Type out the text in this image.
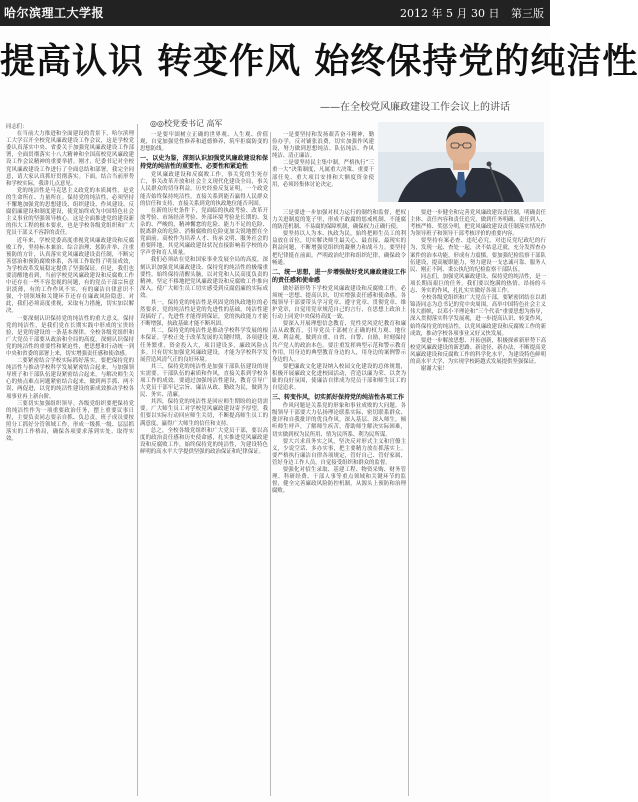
哈尔滨理工大学报	2012 年 5 月 30 日 第三版
提高认识 转变作风 始终保持党的纯洁性
——在全校党风廉政建设工作会议上的讲话
◎◎校党委书记 高军

同志们：

在当前大力推进和全面建设的背景下，哈尔滨理工大学召开全校党风廉政建设工作会议，这是学校党委认真落实中央、省委关于加强党风廉政建设工作部署，全面贯彻落实十八大精神和全国高校党风廉政建设工作会议精神的重要举措。刚才，纪委书记对全校党风廉政建设工作进行了全面总结和部署，我完全同意，请大家认真抓好贯彻落实。下面，结合当前形势和学校实际，我讲几点意见。

党的纯洁性是马克思主义政党的本质属性，是党的生命所在、力量所在。保持党的纯洁性，必须坚持不懈地加强党的思想建设、组织建设、作风建设、反腐倡廉建设和制度建设，使党始终成为中国特色社会主义事业的坚强领导核心。这是全面推进党的建设新的伟大工程的根本要求，也是学校各级党组织和广大党员干部义不容辞的责任。

近年来，学校党委高度重视党风廉政建设和反腐败工作，坚持标本兼治、综合治理、惩防并举、注重预防的方针，认真落实党风廉政建设责任制，不断完善惩治和预防腐败体系，各项工作取得了明显成效，为学校改革发展稳定提供了坚强保证。但是，我们也要清醒地看到，当前学校党风廉政建设和反腐败工作中还存在一些不容忽视的问题，有的党员干部宗旨意识淡薄，有的工作作风不实，有的廉洁自律意识不强，个别领域和关键环节还存在廉政风险隐患。对此，我们必须高度重视，采取有力措施，切实加以解决。

一要深刻认识保持党的纯洁性的重大意义。保持党的纯洁性，是我们党在长期实践中形成的宝贵经验，是党的建设的一条基本规律。全校各级党组织和广大党员干部要从政治和全局的高度，深刻认识保持党的纯洁性的重要性和紧迫性，把思想和行动统一到中央和省委的部署上来，切实增强责任感和使命感。

二要紧密结合学校实际抓好落实。要把保持党的纯洁性与推动学校科学发展紧密结合起来，与加强领导班子和干部队伍建设紧密结合起来，与解决师生关心的热点难点问题紧密结合起来，做到两手抓、两不误、两促进，以党的纯洁性建设的新成效推动学校各项事业再上新台阶。

三要切实加强组织领导。各级党组织要把保持党的纯洁性作为一项重要政治任务，摆上重要议事日程，主要负责同志要亲自抓、负总责，班子成员要按照分工抓好分管领域工作，形成一级抓一级、层层抓落实的工作格局，确保各项要求落到实处、取得实效。

一是要牢固树立正确的世界观、人生观、价值观，自觉加强党性修养和道德修养，筑牢拒腐防变的思想防线。

一、以史为鉴，深刻认识加强党风廉政建设和保持党的纯洁性的重要性、必要性和紧迫性

党风廉政建设和反腐败工作，事关党的生死存亡，事关改革开放和社会主义现代化建设全局，事关人民群众的切身利益。历史经验反复证明，一个政党能否始终保持纯洁性，直接关系到能否赢得人民群众的信任和支持，直接关系到党的执政地位能否巩固。

在新的历史条件下，党面临的执政考验、改革开放考验、市场经济考验、外部环境考验是长期的、复杂的、严峻的，精神懈怠的危险、能力不足的危险、脱离群众的危险、消极腐败的危险更加尖锐地摆在全党面前。高校作为培养人才、传承文明、服务社会的重要阵地，其党风廉政建设状况直接影响着学校的办学声誉和育人质量。

我们必须站在党和国家事业发展全局的高度，深刻认识加强党风廉政建设、保持党的纯洁性的极端重要性，始终保持清醒头脑，以对党和人民高度负责的精神，坚定不移地把党风廉政建设和反腐败工作推向深入，使广大师生员工切实感受到反腐倡廉的实际成效。

其一，保持党的纯洁性是巩固党的执政地位的必然要求。党的纯洁性是党的先进性的基础，纯洁性建设搞好了，先进性才能得到保证，党的执政能力才能不断增强，执政基础才能不断巩固。

其二，保持党的纯洁性是推动学校科学发展的根本保证。学校正处于改革发展的关键时期，各项建设任务繁重，资金投入大，项目建设多，廉政风险点多。只有切实加强党风廉政建设，才能为学校科学发展营造风清气正的良好环境。

其三，保持党的纯洁性是加强干部队伍建设的现实需要。干部队伍的素质和作风，直接关系到学校各项工作的成效。要通过加强纯洁性建设，教育引导广大党员干部牢记宗旨、廉洁从政、勤政为民，做到为民、务实、清廉。

其四，保持党的纯洁性是回应师生期盼的迫切需要。广大师生员工对学校党风廉政建设寄予厚望，我们要以实际行动回应师生关切，不断提高师生员工的满意度，赢得广大师生的信任和支持。

总之，全校各级党组织和广大党员干部，要以高度的政治责任感和历史使命感，扎实推进党风廉政建设和反腐败工作，始终保持党的纯洁性，为建设特色鲜明的高水平大学提供坚强的政治保证和纪律保证。

一是要坚持和发扬艰苦奋斗精神，勤俭办学，反对铺张浪费，切实加强作风建设，努力做到思想纯洁、队伍纯洁、作风纯洁、清正廉洁。

二是要坚持民主集中制，严格执行“三重一大”决策制度，凡属重大决策、重要干部任免、重大项目安排和大额度资金使用，必须经集体讨论决定。

三是要进一步加强对权力运行的制约和监督，把权力关进制度的笼子里，形成不敢腐的惩戒机制、不能腐的防范机制、不易腐的保障机制，确保权力正确行使。

要坚持以人为本、执政为民，始终把师生员工的利益放在首位，切实解决师生最关心、最直接、最现实的利益问题，不断增强党组织的凝聚力和战斗力。要坚持把纪律挺在前面，严明政治纪律和组织纪律，确保政令畅通。

二、统一思想，进一步增强做好党风廉政建设工作的责任感和使命感

做好新形势下学校党风廉政建设和反腐败工作，必须统一思想、提高认识，切实增强责任感和使命感。各级领导干部要带头学习党章、遵守党章、贯彻党章、维护党章，自觉用党章规范自己的言行，在思想上政治上行动上同党中央保持高度一致。

要深入开展理想信念教育、党性党风党纪教育和廉洁从政教育，引导党员干部树立正确的权力观、地位观、利益观，做到自重、自省、自警、自励，时刻保持共产党人的政治本色。要注重发挥典型示范和警示教育作用，用身边的典型教育身边的人，用身边的案例警示身边的人。

要把廉政文化建设纳入校园文化建设的总体规划，积极开展廉政文化进校园活动，营造以廉为荣、以贪为耻的良好氛围，使廉洁自律成为党员干部和师生员工的自觉追求。

三、转变作风，切实抓好保持党的纯洁性各项工作

作风问题是关系党的形象和事业成败的大问题。各级领导干部要大力弘扬理论联系实际、密切联系群众、批评和自我批评的优良作风，深入基层、深入师生，倾听师生呼声，了解师生疾苦，帮助师生解决实际困难，切实做到权为民所用、情为民所系、利为民所谋。

要大兴求真务实之风，坚决反对形式主义和官僚主义，少说空话、多办实事，把主要精力放在抓落实上。要严格执行廉洁自律各项规定，管好自己、管好家属、管好身边工作人员，自觉接受组织和群众的监督。

要强化对招生录取、基建工程、物资采购、财务管理、科研经费、干部人事等重点领域和关键环节的监督，健全完善廉政风险防控机制，从源头上预防和治理腐败。

要进一步健全和完善党风廉政建设责任制，明确责任主体、责任内容和责任追究，做到任务明确、责任到人、考核严格、奖惩分明，把党风廉政建设责任制落实情况作为领导班子和领导干部考核评价的重要内容。

要坚持有案必查、违纪必究，对违反党纪政纪的行为，发现一起、查处一起，决不姑息迁就，充分发挥查办案件的治本功能，形成有力震慑。要加强纪检监察干部队伍建设，提高履职能力，努力建设一支忠诚可靠、服务人民、刚正不阿、秉公执纪的纪检监察干部队伍。

同志们，加强党风廉政建设、保持党的纯洁性，是一项长期而艰巨的任务。我们要以饱满的热情、昂扬的斗志、务实的作风，扎扎实实做好各项工作。

全校各级党组织和广大党员干部，要紧密团结在以胡锦涛同志为总书记的党中央周围，高举中国特色社会主义伟大旗帜，以邓小平理论和“三个代表”重要思想为指导，深入贯彻落实科学发展观，进一步提高认识、转变作风，始终保持党的纯洁性，以党风廉政建设和反腐败工作的新成效，推动学校各项事业又好又快发展。

要进一步解放思想、开拓创新，积极探索新形势下高校党风廉政建设的新思路、新途径、新办法，不断提高党风廉政建设和反腐败工作的科学化水平，为建设特色鲜明的高水平大学、为实现学校跨越式发展提供坚强保证。

谢谢大家！
